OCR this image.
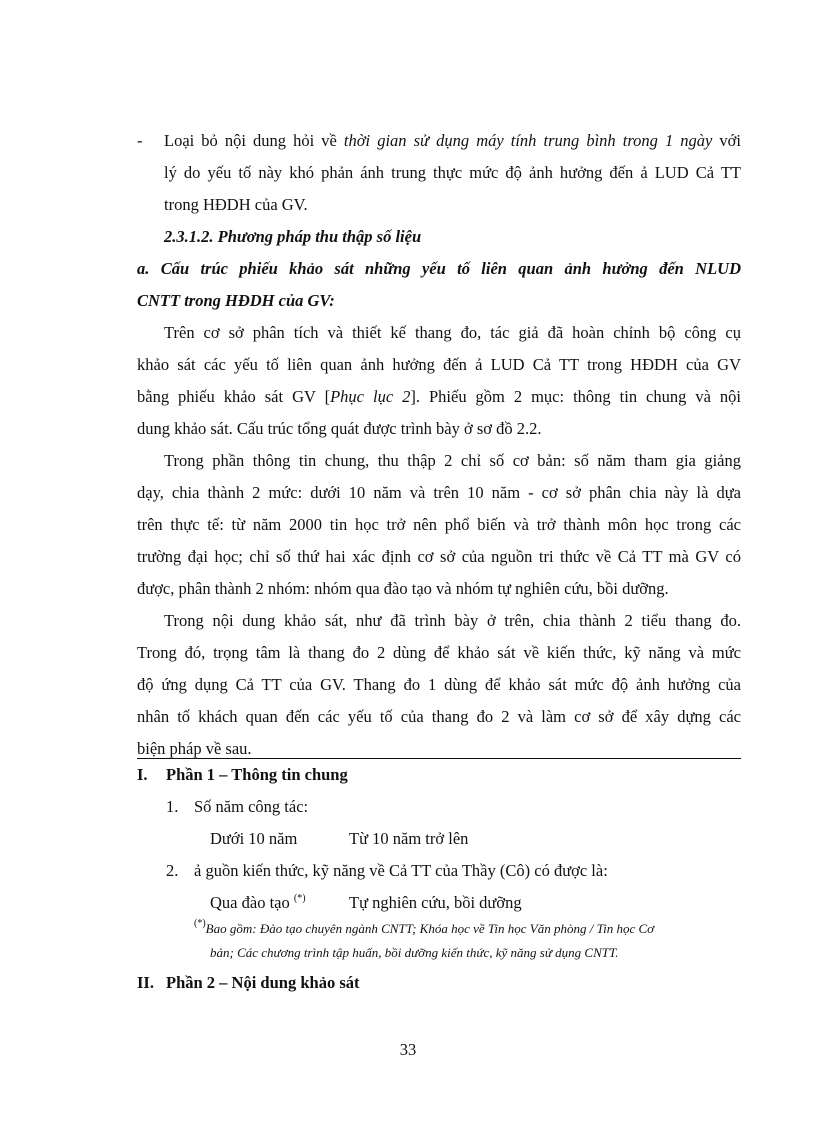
- Loại bỏ nội dung hỏi về thời gian sử dụng máy tính trung bình trong 1 ngày với
lý do yếu tố này khó phản ánh trung thực mức độ ảnh hưởng đến ả LUD Cả TT
trong HĐDH của GV.
2.3.1.2. Phương pháp thu thập số liệu
a. Cấu trúc phiếu khảo sát những yếu tố liên quan ảnh hưởng đến NLUD
CNTT trong HĐDH của GV:
Trên cơ sở phân tích và thiết kế thang đo, tác giả đã hoàn chỉnh bộ công cụ
khảo sát các yếu tố liên quan ảnh hưởng đến ả LUD Cả TT trong HĐDH của GV
bằng phiếu khảo sát GV [Phục lục 2]. Phiếu gồm 2 mục: thông tin chung và nội
dung khảo sát. Cấu trúc tổng quát được trình bày ở sơ đồ 2.2.
Trong phần thông tin chung, thu thập 2 chỉ số cơ bản: số năm tham gia giảng
dạy, chia thành 2 mức: dưới 10 năm và trên 10 năm - cơ sở phân chia này là dựa
trên thực tế: từ năm 2000 tin học trở nên phổ biến và trở thành môn học trong các
trường đại học; chỉ số thứ hai xác định cơ sở của nguồn tri thức về Cả TT mà GV có
được, phân thành 2 nhóm: nhóm qua đào tạo và nhóm tự nghiên cứu, bồi dưỡng.
Trong nội dung khảo sát, như đã trình bày ở trên, chia thành 2 tiểu thang đo.
Trong đó, trọng tâm là thang đo 2 dùng để khảo sát về kiến thức, kỹ năng và mức
độ ứng dụng Cả TT của GV. Thang đo 1 dùng để khảo sát mức độ ảnh hưởng của
nhân tố khách quan đến các yếu tố của thang đo 2 và làm cơ sở để xây dựng các
biện pháp về sau.
I. Phần 1 – Thông tin chung
1. Số năm công tác:
Dưới 10 năm	Từ 10 năm trở lên
2. ả guồn kiến thức, kỹ năng về Cả TT của Thầy (Cô) có được là:
Qua đào tạo (*)	Tự nghiên cứu, bồi dưỡng
(*)Bao gồm: Đào tạo chuyên ngành CNTT; Khóa học về Tin học Văn phòng / Tin học Cơ
bản; Các chương trình tập huấn, bồi dưỡng kiến thức, kỹ năng sử dụng CNTT.
II. Phần 2 – Nội dung khảo sát
33
